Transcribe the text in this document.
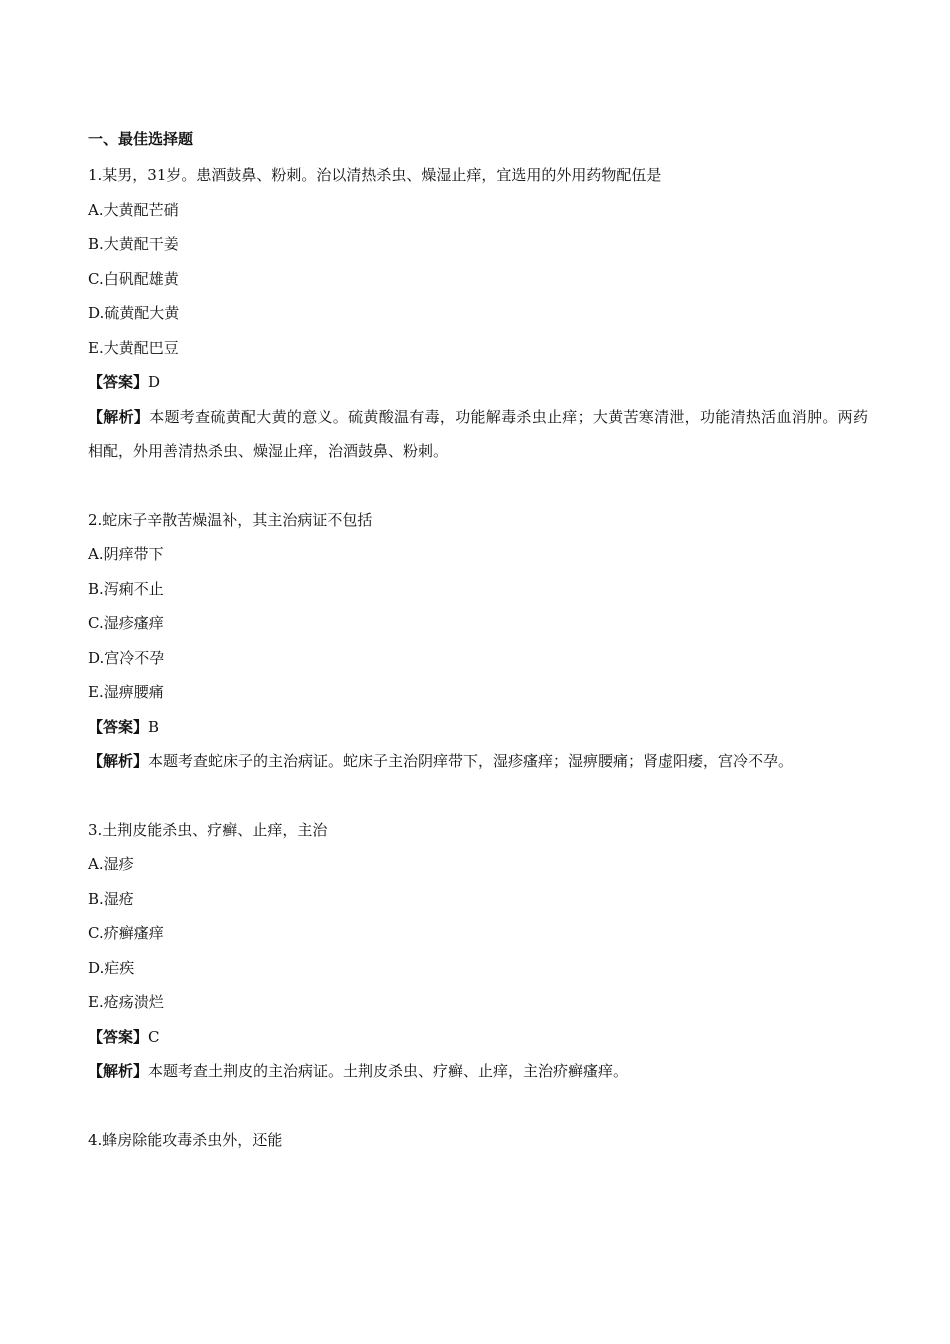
一、最佳选择题
1.某男，31岁。患酒鼓鼻、粉刺。治以清热杀虫、燥湿止痒，宜选用的外用药物配伍是
A.大黄配芒硝
B.大黄配干姜
C.白矾配雄黄
D.硫黄配大黄
E.大黄配巴豆
【答案】D
【解析】本题考查硫黄配大黄的意义。硫黄酸温有毒，功能解毒杀虫止痒；大黄苦寒清泄，功能清热活血消肿。两药相配，外用善清热杀虫、燥湿止痒，治酒鼓鼻、粉刺。
2.蛇床子辛散苦燥温补，其主治病证不包括
A.阴痒带下
B.泻痢不止
C.湿疹瘙痒
D.宫冷不孕
E.湿痹腰痛
【答案】B
【解析】本题考查蛇床子的主治病证。蛇床子主治阴痒带下，湿疹瘙痒；湿痹腰痛；肾虚阳痿，宫冷不孕。
3.土荆皮能杀虫、疗癣、止痒，主治
A.湿疹
B.湿疮
C.疥癣瘙痒
D.疟疾
E.疮疡溃烂
【答案】C
【解析】本题考查土荆皮的主治病证。土荆皮杀虫、疗癣、止痒，主治疥癣瘙痒。
4.蜂房除能攻毒杀虫外，还能
